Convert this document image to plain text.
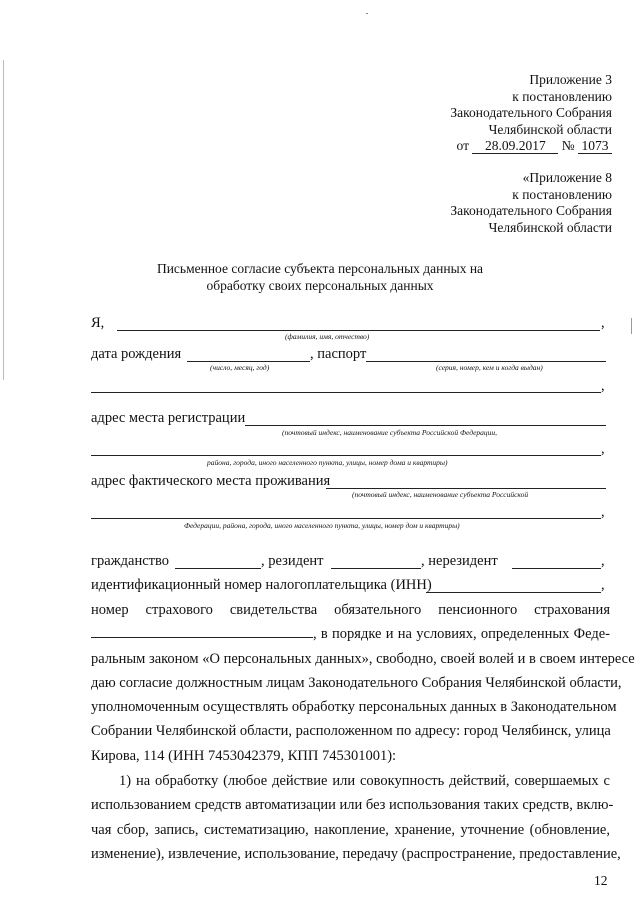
Приложение 3
к постановлению
Законодательного Собрания
Челябинской области
от 28.09.2017 № 1073
«Приложение 8
к постановлению
Законодательного Собрания
Челябинской области
Письменное согласие субъекта персональных данных на
обработку своих персональных данных
Я,	,
(фамилия, имя, отчество)
дата рождения	, паспорт
(число, месяц, год)	(серия, номер, кем и когда выдан)
,
адрес места регистрации
(почтовый индекс, наименование субъекта Российской Федерации,
,
района, города, иного населенного пункта, улицы, номер дома и квартиры)
адрес фактического места проживания
(почтовый индекс, наименование субъекта Российской
,
Федерации, района, города, иного населенного пункта, улицы, номер дом и квартиры)
гражданство	, резидент	, нерезидент	,
идентификационный номер налогоплательщика (ИНН)	,
номер страхового свидетельства обязательного пенсионного страхования
, в порядке и на условиях, определенных Феде-
ральным законом «О персональных данных», свободно, своей волей и в своем интересе
даю согласие должностным лицам Законодательного Собрания Челябинской области,
уполномоченным осуществлять обработку персональных данных в Законодательном
Собрании Челябинской области, расположенном по адресу: город Челябинск, улица
Кирова, 114 (ИНН 7453042379, КПП 745301001):
1) на обработку (любое действие или совокупность действий, совершаемых с
использованием средств автоматизации или без использования таких средств, вклю-
чая сбор, запись, систематизацию, накопление, хранение, уточнение (обновление,
изменение), извлечение, использование, передачу (распространение, предоставление,
12
